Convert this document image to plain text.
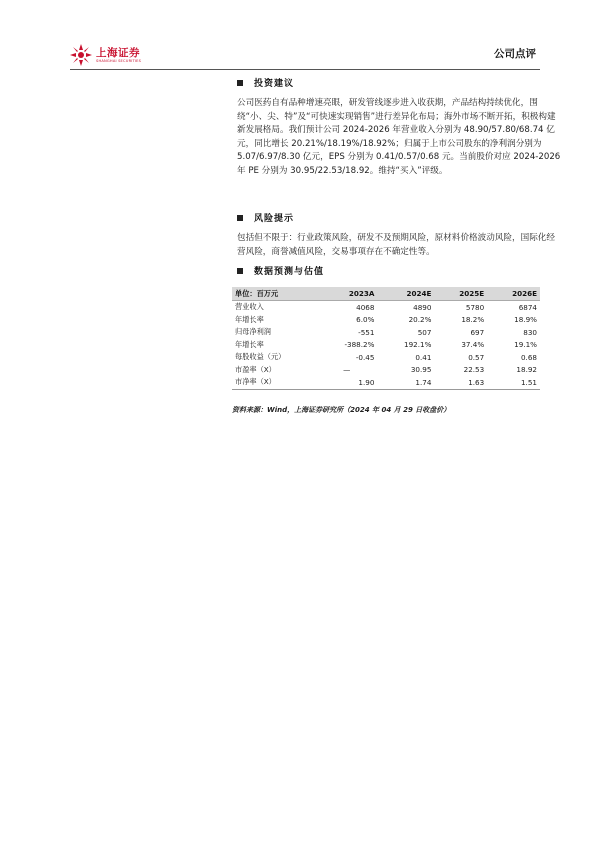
上海证券
SHANGHAI SECURITIES
公司点评
投资建议
公司医药自有品种增速亮眼，研发管线逐步进入收获期，产品结构持续优化，围绕“小、尖、特”及“可快速实现销售”进行差异化布局；海外市场不断开拓，积极构建新发展格局。我们预计公司 2024-2026 年营业收入分别为 48.90/57.80/68.74 亿元，同比增长 20.21%/18.19%/18.92%；归属于上市公司股东的净利润分别为 5.07/6.97/8.30 亿元，EPS 分别为 0.41/0.57/0.68 元。当前股价对应 2024-2026 年 PE 分别为 30.95/22.53/18.92。维持“买入”评级。
风险提示
包括但不限于：行业政策风险，研发不及预期风险，原材料价格波动风险，国际化经营风险，商誉减值风险，交易事项存在不确定性等。
数据预测与估值
单位：百万元	2023A	2024E	2025E	2026E
营业收入	4068	4890	5780	6874
年增长率	6.0%	20.2%	18.2%	18.9%
归母净利润	-551	507	697	830
年增长率	-388.2%	192.1%	37.4%	19.1%
每股收益（元）	-0.45	0.41	0.57	0.68
市盈率（X）	—	30.95	22.53	18.92
市净率（X）	1.90	1.74	1.63	1.51
资料来源：Wind，上海证券研究所（2024 年 04 月 29 日收盘价）
